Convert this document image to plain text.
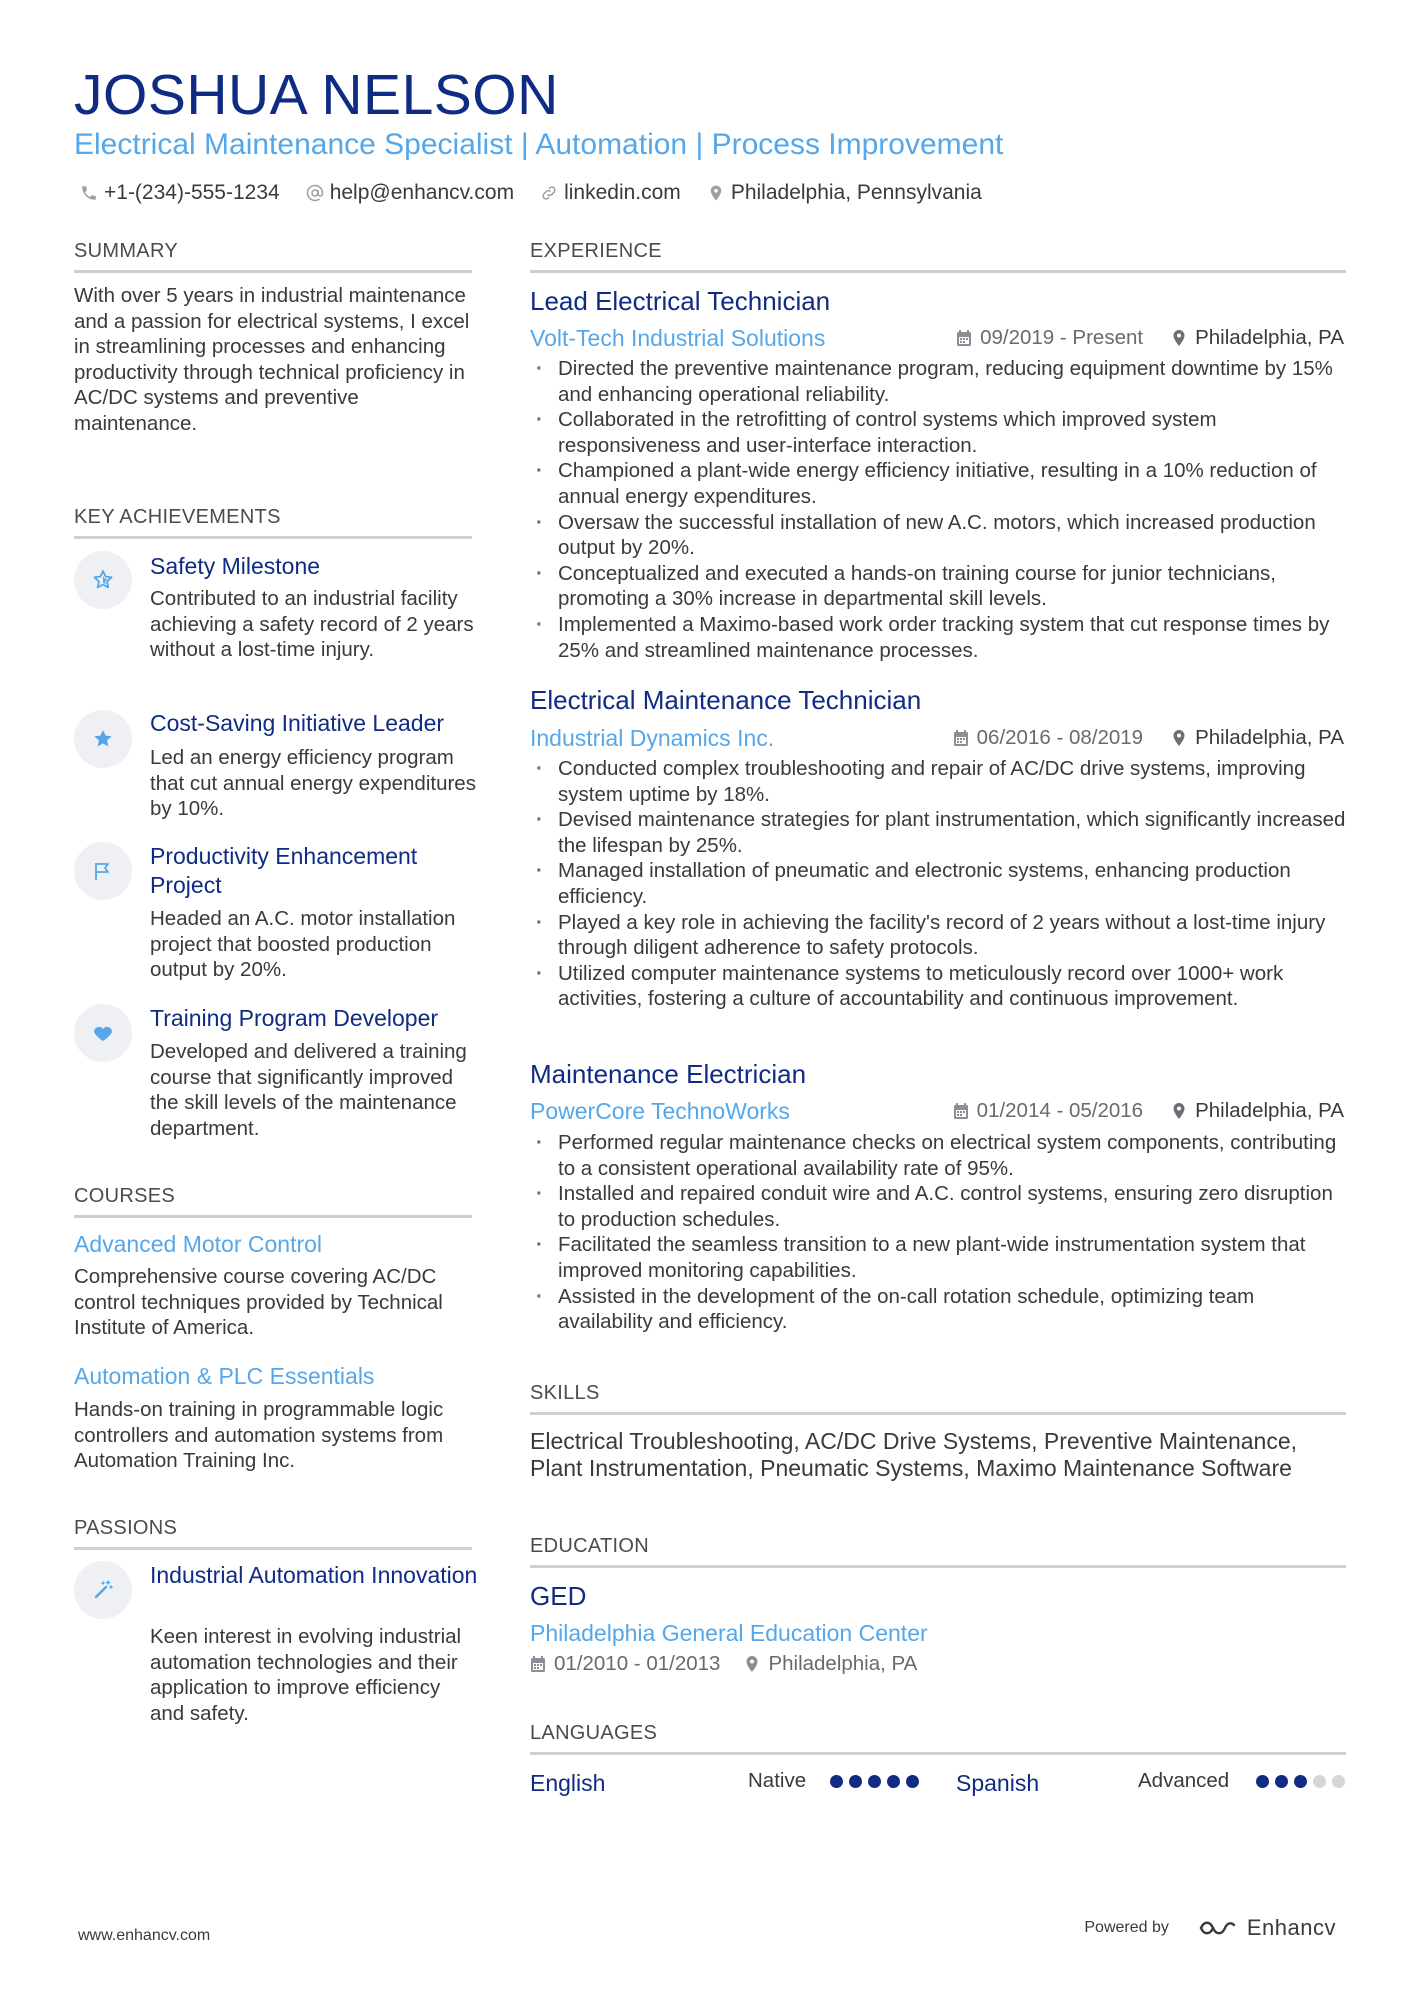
JOSHUA NELSON
Electrical Maintenance Specialist | Automation | Process Improvement
+1-(234)-555-1234 help@enhancv.com linkedin.com Philadelphia, Pennsylvania
SUMMARY
With over 5 years in industrial maintenance and a passion for electrical systems, I excel in streamlining processes and enhancing productivity through technical proficiency in AC/DC systems and preventive maintenance.
KEY ACHIEVEMENTS
Safety Milestone
Contributed to an industrial facility achieving a safety record of 2 years without a lost-time injury.
Cost-Saving Initiative Leader
Led an energy efficiency program that cut annual energy expenditures by 10%.
Productivity Enhancement Project
Headed an A.C. motor installation project that boosted production output by 20%.
Training Program Developer
Developed and delivered a training course that significantly improved the skill levels of the maintenance department.
COURSES
Advanced Motor Control
Comprehensive course covering AC/DC control techniques provided by Technical Institute of America.
Automation & PLC Essentials
Hands-on training in programmable logic controllers and automation systems from Automation Training Inc.
PASSIONS
Industrial Automation Innovation
Keen interest in evolving industrial automation technologies and their application to improve efficiency and safety.
EXPERIENCE
Lead Electrical Technician
Volt-Tech Industrial Solutions	09/2019 - Present	Philadelphia, PA
· Directed the preventive maintenance program, reducing equipment downtime by 15% and enhancing operational reliability.
· Collaborated in the retrofitting of control systems which improved system responsiveness and user-interface interaction.
· Championed a plant-wide energy efficiency initiative, resulting in a 10% reduction of annual energy expenditures.
· Oversaw the successful installation of new A.C. motors, which increased production output by 20%.
· Conceptualized and executed a hands-on training course for junior technicians, promoting a 30% increase in departmental skill levels.
· Implemented a Maximo-based work order tracking system that cut response times by 25% and streamlined maintenance processes.
Electrical Maintenance Technician
Industrial Dynamics Inc.	06/2016 - 08/2019	Philadelphia, PA
· Conducted complex troubleshooting and repair of AC/DC drive systems, improving system uptime by 18%.
· Devised maintenance strategies for plant instrumentation, which significantly increased the lifespan by 25%.
· Managed installation of pneumatic and electronic systems, enhancing production efficiency.
· Played a key role in achieving the facility's record of 2 years without a lost-time injury through diligent adherence to safety protocols.
· Utilized computer maintenance systems to meticulously record over 1000+ work activities, fostering a culture of accountability and continuous improvement.
Maintenance Electrician
PowerCore TechnoWorks	01/2014 - 05/2016	Philadelphia, PA
· Performed regular maintenance checks on electrical system components, contributing to a consistent operational availability rate of 95%.
· Installed and repaired conduit wire and A.C. control systems, ensuring zero disruption to production schedules.
· Facilitated the seamless transition to a new plant-wide instrumentation system that improved monitoring capabilities.
· Assisted in the development of the on-call rotation schedule, optimizing team availability and efficiency.
SKILLS
Electrical Troubleshooting, AC/DC Drive Systems, Preventive Maintenance, Plant Instrumentation, Pneumatic Systems, Maximo Maintenance Software
EDUCATION
GED
Philadelphia General Education Center
01/2010 - 01/2013 Philadelphia, PA
LANGUAGES
English	Native	Spanish	Advanced
www.enhancv.com	Powered by	Enhancv
